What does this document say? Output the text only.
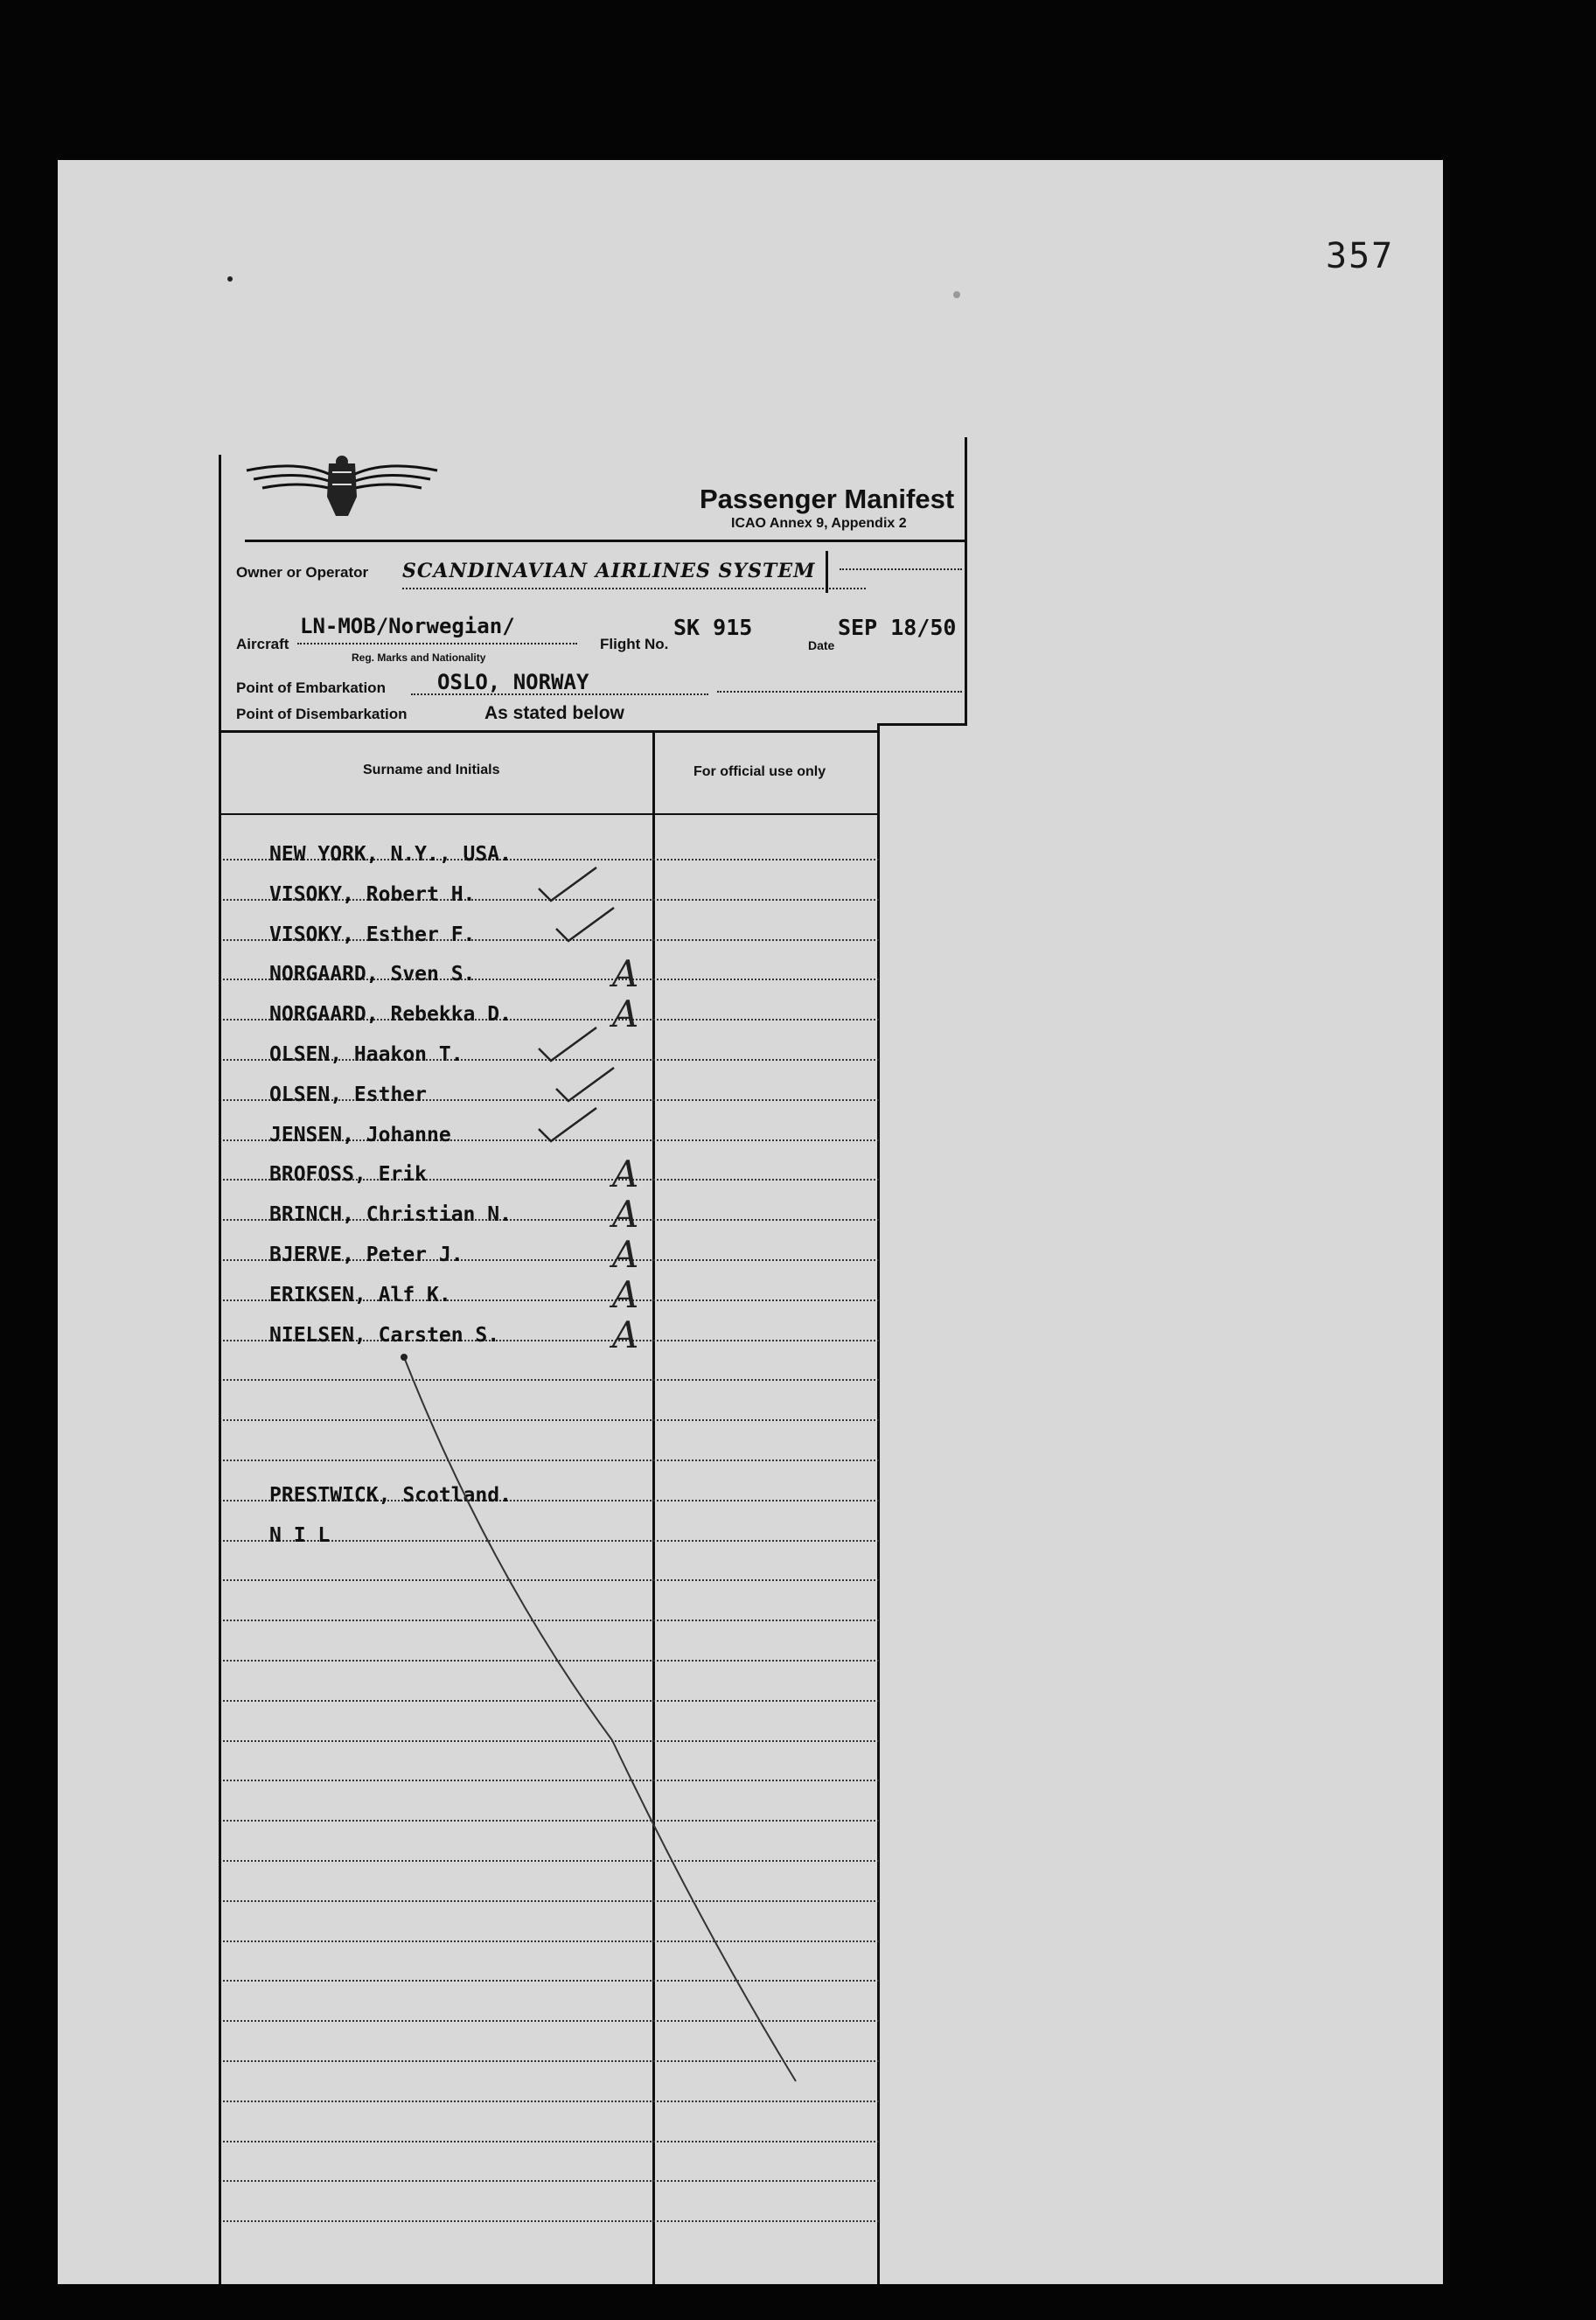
357
Passenger Manifest
ICAO Annex 9, Appendix 2
Owner or Operator SCANDINAVIAN AIRLINES SYSTEM
Aircraft
LN-MOB/Norwegian/
Reg. Marks and Nationality
Flight No.
SK 915
Date
SEP 18/50
Point of Embarkation OSLO, NORWAY
Point of Disembarkation	As stated below
Surname and Initials	For official use only
NEW YORK, N.Y., USA.
VISOKY, Robert H.
VISOKY, Esther F.
NORGAARD, Sven S.	A
NORGAARD, Rebekka D.	A
OLSEN, Haakon T.
OLSEN, Esther
JENSEN, Johanne
BROFOSS, Erik	A
BRINCH, Christian N.	A
BJERVE, Peter J.	A
ERIKSEN, Alf K.	A
NIELSEN, Carsten S.	A
PRESTWICK, Scotland.
N I L
